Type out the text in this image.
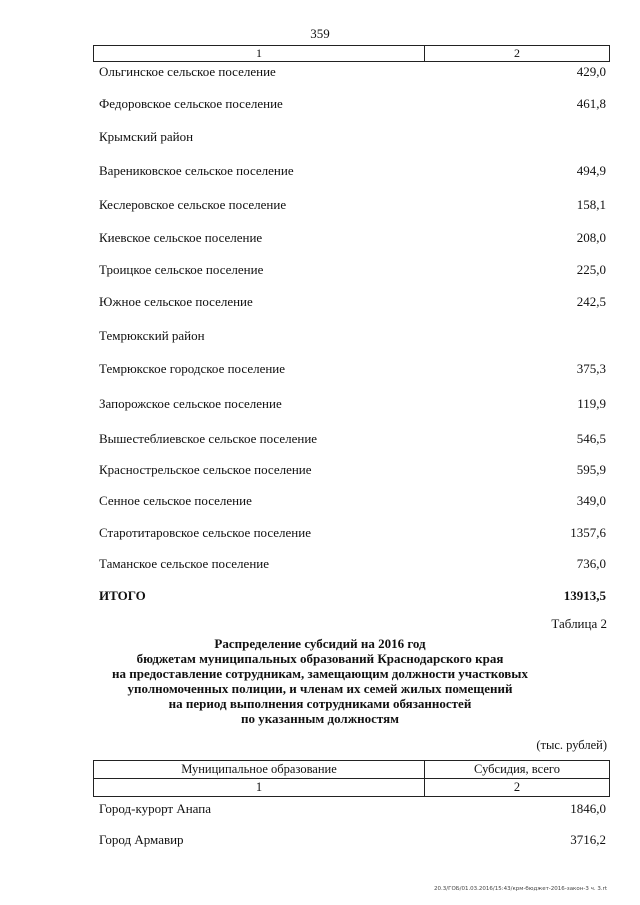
359
1	2
Ольгинское сельское поселение	429,0
Федоровское сельское поселение	461,8
Крымский район
Варениковское сельское поселение	494,9
Кеслеровское сельское поселение	158,1
Киевское сельское поселение	208,0
Троицкое сельское поселение	225,0
Южное сельское поселение	242,5
Темрюкский район
Темрюкское городское поселение	375,3
Запорожское сельское поселение	119,9
Вышестеблиевское сельское поселение	546,5
Краснострельское сельское поселение	595,9
Сенное сельское поселение	349,0
Старотитаровское сельское поселение	1357,6
Таманское сельское поселение	736,0
ИТОГО	13913,5
Таблица 2
Распределение субсидий на 2016 год
бюджетам муниципальных образований Краснодарского края
на предоставление сотрудникам, замещающим должности участковых
уполномоченных полиции, и членам их семей жилых помещений
на период выполнения сотрудниками обязанностей
по указанным должностям
(тыс. рублей)
Муниципальное образование	Субсидия, всего
1	2
Город-курорт Анапа	1846,0
Город Армавир	3716,2
20.3/ГОБ/01.03.2016/15:43/крм-бюджет-2016-закон-3 ч. 3.rt
